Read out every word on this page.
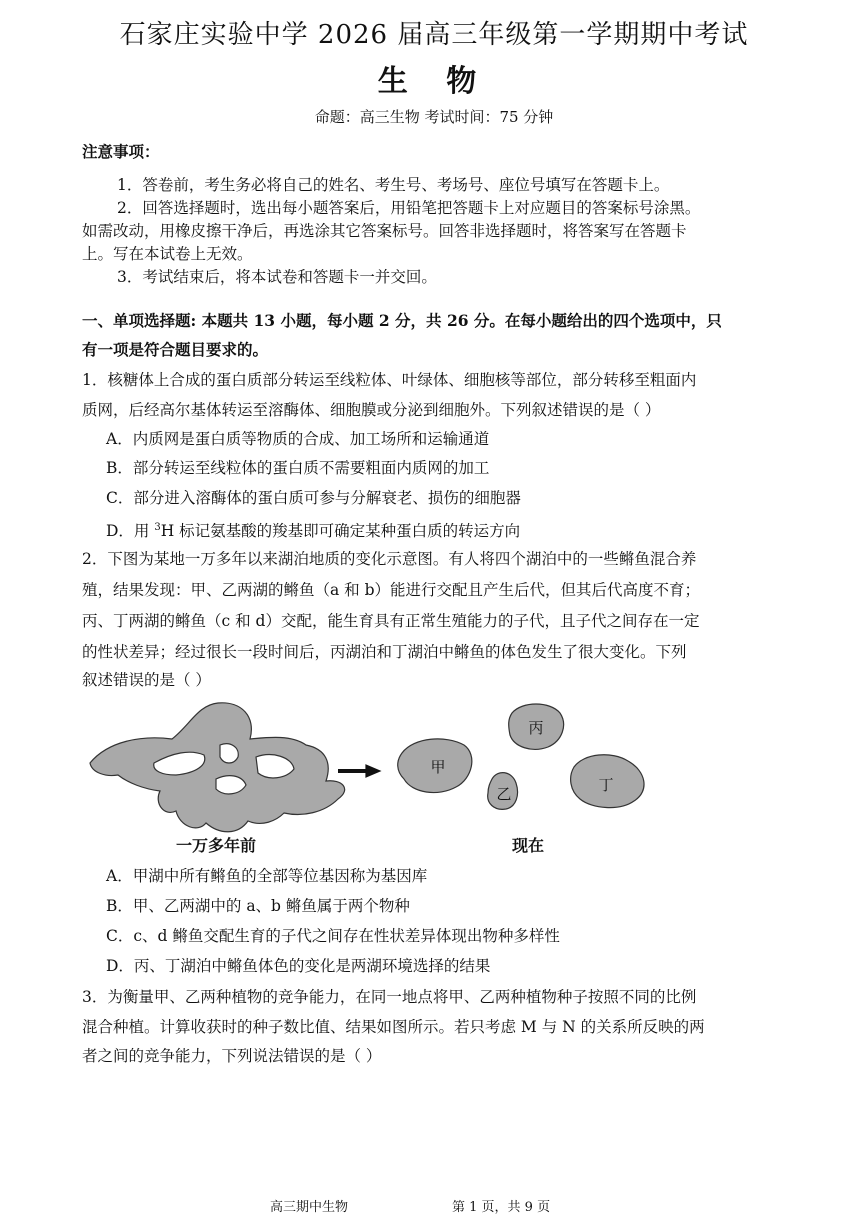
石家庄实验中学 2026 届高三年级第一学期期中考试
生 物
命题：高三生物 考试时间：75 分钟
注意事项：
1．答卷前，考生务必将自己的姓名、考生号、考场号、座位号填写在答题卡上。
2．回答选择题时，选出每小题答案后，用铅笔把答题卡上对应题目的答案标号涂黑。
如需改动，用橡皮擦干净后，再选涂其它答案标号。回答非选择题时，将答案写在答题卡
上。写在本试卷上无效。
3．考试结束后，将本试卷和答题卡一并交回。
一、单项选择题: 本题共 13 小题，每小题 2 分，共 26 分。在每小题给出的四个选项中，只
有一项是符合题目要求的。
1．核糖体上合成的蛋白质部分转运至线粒体、叶绿体、细胞核等部位，部分转移至粗面内
质网，后经高尔基体转运至溶酶体、细胞膜或分泌到细胞外。下列叙述错误的是（ ）
A．内质网是蛋白质等物质的合成、加工场所和运输通道
B．部分转运至线粒体的蛋白质不需要粗面内质网的加工
C．部分进入溶酶体的蛋白质可参与分解衰老、损伤的细胞器
D．用 $^3$H 标记氨基酸的羧基即可确定某种蛋白质的转运方向
2．下图为某地一万多年以来湖泊地质的变化示意图。有人将四个湖泊中的一些鳉鱼混合养
殖，结果发现：甲、乙两湖的鳉鱼（a 和 b）能进行交配且产生后代，但其后代高度不育；
丙、丁两湖的鳉鱼（c 和 d）交配，能生育具有正常生殖能力的子代，且子代之间存在一定
的性状差异；经过很长一段时间后，丙湖泊和丁湖泊中鳉鱼的体色发生了很大变化。下列
叙述错误的是（ ）
甲
丙
乙	丁
一万多年前	现在
A．甲湖中所有鳉鱼的全部等位基因称为基因库
B．甲、乙两湖中的 a、b 鳉鱼属于两个物种
C．c、d 鳉鱼交配生育的子代之间存在性状差异体现出物种多样性
D．丙、丁湖泊中鳉鱼体色的变化是两湖环境选择的结果
3．为衡量甲、乙两种植物的竞争能力，在同一地点将甲、乙两种植物种子按照不同的比例
混合种植。计算收获时的种子数比值、结果如图所示。若只考虑 M 与 N 的关系所反映的两
者之间的竞争能力，下列说法错误的是（ ）
高三期中生物	第 1 页，共 9 页
